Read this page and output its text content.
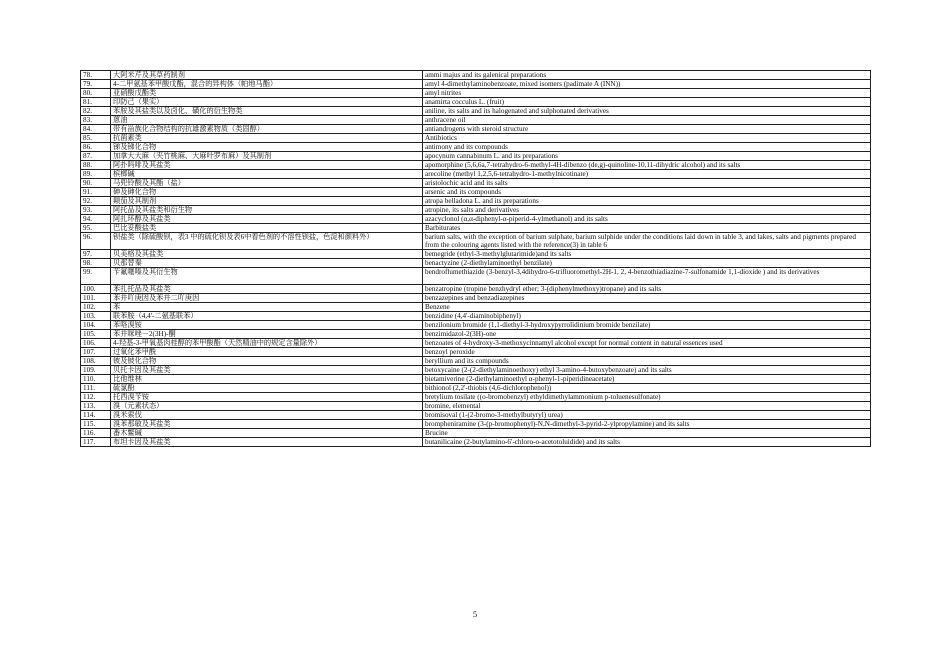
78.	大阿米芹及其草药制剂	ammi majus and its galenical preparations
79.	4-二甲氨基苯甲酸戊酯，混合的异构体（帕地马酯）	amyl 4-dimethylaminobenzoate, mixed isomers (padimate A (INN))
80.	亚硝酸戊酯类	amyl nitrites
81.	印防己（果实）	anamirta cocculus L. (fruit)
82.	苯胺及其盐类以及卤化、磺化的衍生物类	aniline, its salts and its halogenated and sulphonated derivatives
83.	蒽油	anthracene oil
84.	带有甾族化合物结构的抗雄激素物质（类固醇）	antiandrogens with steroid structure
85.	抗菌素类	Antibiotics
86.	锑及锑化合物	antimony and its compounds
87.	加拿大大麻（夹竹桃麻、大麻叶罗布麻）及其制剂	apocynum cannabinum L. and its preparations
88.	阿扑吗啡及其盐类	apomorphine (5,6,6a,7-tetrahydro-6-methyl-4H-dibenzo (de,g)-quinoline-10,11-dihydric alcohol) and its salts
89.	槟榔碱	arecoline (methyl 1,2,5,6-tetrahydro-1-methylnicotinate)
90.	马兜铃酸及其酯（盐）	aristolochic acid and its salts
91.	砷及砷化合物	arsenic and its compounds
92.	颠茄及其制剂	atropa belladona L. and its preparations
93.	阿托品及其盐类和衍生物	atropine, its salts and derivatives
94.	阿扎环醇及其盐类	azacyclonol (α,α-diphenyl-α-piperid-4-ylmethanol) and its salts
95.	巴比妥酸盐类	Barbiturates
96.	钡盐类（除硫酸钡，表3 中的硫化钡及表6中着色剂的不溶性钡盐，色淀和颜料外）	barium salts, with the exception of barium sulphate, barium sulphide under the conditions laid down in table 3, and lakes, salts and pigments prepared from the colouring agents listed with the reference(3) in table 6
97.	贝美格及其盐类	bemegride (ethyl-3-methylglutarimide)and its salts
98.	贝那替秦	benactyzine (2-diethylaminoethyl benzilate)
99.	苄氟噻嗪及其衍生物	bendroflumethiazide (3-benzyl-3,4dihydro-6-trifluoromethyl-2H-1, 2, 4-benzothiadiazine-7-sulfonamide 1,1-dioxide ) and its derivatives
100.	苯扎托品及其盐类	benzatropine (tropine benzhydryl ether; 3-(diphenylmethoxy)tropane) and its salts
101.	苯并吖庚因及苯并二吖庚因	benzazepines and benzadiazepines
102.	苯	Benzene
103.	联苯胺（4,4'-二氨基联苯）	benzidine (4,4'-diaminobiphenyl)
104.	苯咯溴铵	benzilonium bromide (1,1-diethyl-3-hydroxypyrrolidinium bromide benzilate)
105.	苯并咪唑－2(3H)-酮	benzimidazol-2(3H)-one
106.	4-羟基-3-甲氧基肉桂醇的苯甲酸酯（天然精油中的规定含量除外）	benzoates of 4-hydroxy-3-methoxycinnamyl alcohol except for normal content in natural essences used
107.	过氧化苯甲酰	benzoyl peroxide
108.	铍及铍化合物	beryllium and its compounds
109.	贝托卡因及其盐类	betoxycaine (2-(2-diethylaminoethoxy) ethyl 3-amino-4-butoxybenzoate) and its salts
110.	比他维林	bietamiverine (2-diethylaminoethyl α-phenyl-1-piperidineacetate)
111.	硫氯酚	bithionol (2,2'-thiobis (4,6-dichlorophenol))
112.	托西溴苄铵	bretylium tosilate ((o-bromobenzyl) ethyldimethylammonium p-toluenesulfonate)
113.	溴（元素状态）	bromine, elemental
114.	溴米索伐	bromisoval (1-(2-bromo-3-methylbutyryl) urea)
115.	溴苯那敏及其盐类	brompheniramine (3-(p-bromophenyl)-N,N-dimethyl-3-pyrid-2-ylpropylamine) and its salts
116.	番木鳖碱	Brucine
117.	布坦卡因及其盐类	butanilicaine (2-butylamino-6'-chloro-o-acetotoluidide) and its salts
5
